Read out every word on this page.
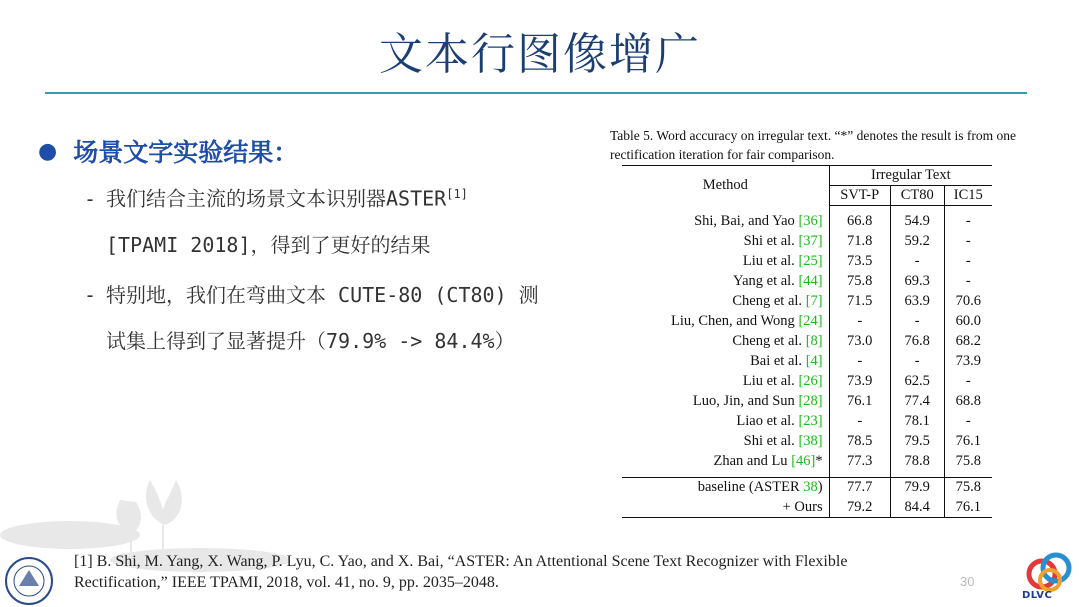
文本行图像增广
● 场景文字实验结果：
- 我们结合主流的场景文本识别器ASTER[1]
[TPAMI 2018]，得到了更好的结果
- 特别地，我们在弯曲文本 CUTE-80 (CT80) 测
试集上得到了显著提升（79.9% -> 84.4%）
Table 5. Word accuracy on irregular text. “*” denotes the result is from one rectification iteration for fair comparison.
Method	Irregular Text		
	SVT-P	CT80	IC15

Shi, Bai, and Yao [36]	66.8	54.9	-
Shi et al. [37]	71.8	59.2	-
Liu et al. [25]	73.5	-	-
Yang et al. [44]	75.8	69.3	-
Cheng et al. [7]	71.5	63.9	70.6
Liu, Chen, and Wong [24]	-	-	60.0
Cheng et al. [8]	73.0	76.8	68.2
Bai et al. [4]	-	-	73.9
Liu et al. [26]	73.9	62.5	-
Luo, Jin, and Sun [28]	76.1	77.4	68.8
Liao et al. [23]	-	78.1	-
Shi et al. [38]	78.5	79.5	76.1
Zhan and Lu [46]*	77.3	78.8	75.8

baseline (ASTER 38)	77.7	79.9	75.8
+ Ours	79.2	84.4	76.1
[1] B. Shi, M. Yang, X. Wang, P. Lyu, C. Yao, and X. Bai, “ASTER: An Attentional Scene Text Recognizer with Flexible
Rectification,” IEEE TPAMI, 2018, vol. 41, no. 9, pp. 2035–2048.	30
DLVC
